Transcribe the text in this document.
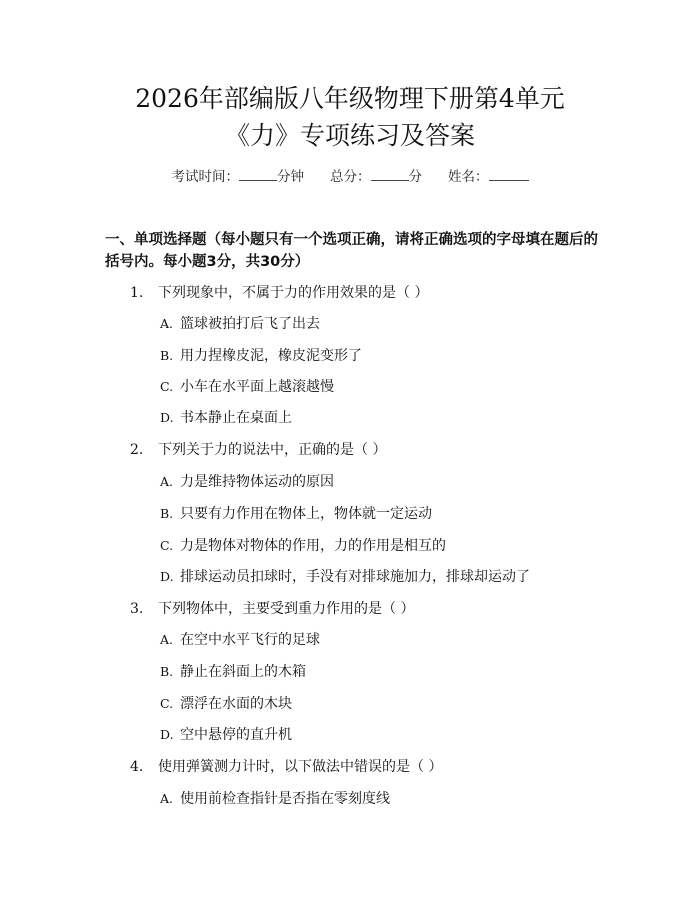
2026年部编版八年级物理下册第4单元
《力》专项练习及答案
考试时间：	分钟 总分：	分 姓名：
一、单项选择题（每小题只有一个选项正确，请将正确选项的字母填在题后的括号内。每小题3分，共30分）
1. 下列现象中，不属于力的作用效果的是（ ）
A. 篮球被拍打后飞了出去
B. 用力捏橡皮泥，橡皮泥变形了
C. 小车在水平面上越滚越慢
D. 书本静止在桌面上
2. 下列关于力的说法中，正确的是（ ）
A. 力是维持物体运动的原因
B. 只要有力作用在物体上，物体就一定运动
C. 力是物体对物体的作用，力的作用是相互的
D. 排球运动员扣球时，手没有对排球施加力，排球却运动了
3. 下列物体中，主要受到重力作用的是（ ）
A. 在空中水平飞行的足球
B. 静止在斜面上的木箱
C. 漂浮在水面的木块
D. 空中悬停的直升机
4. 使用弹簧测力计时，以下做法中错误的是（ ）
A. 使用前检查指针是否指在零刻度线
